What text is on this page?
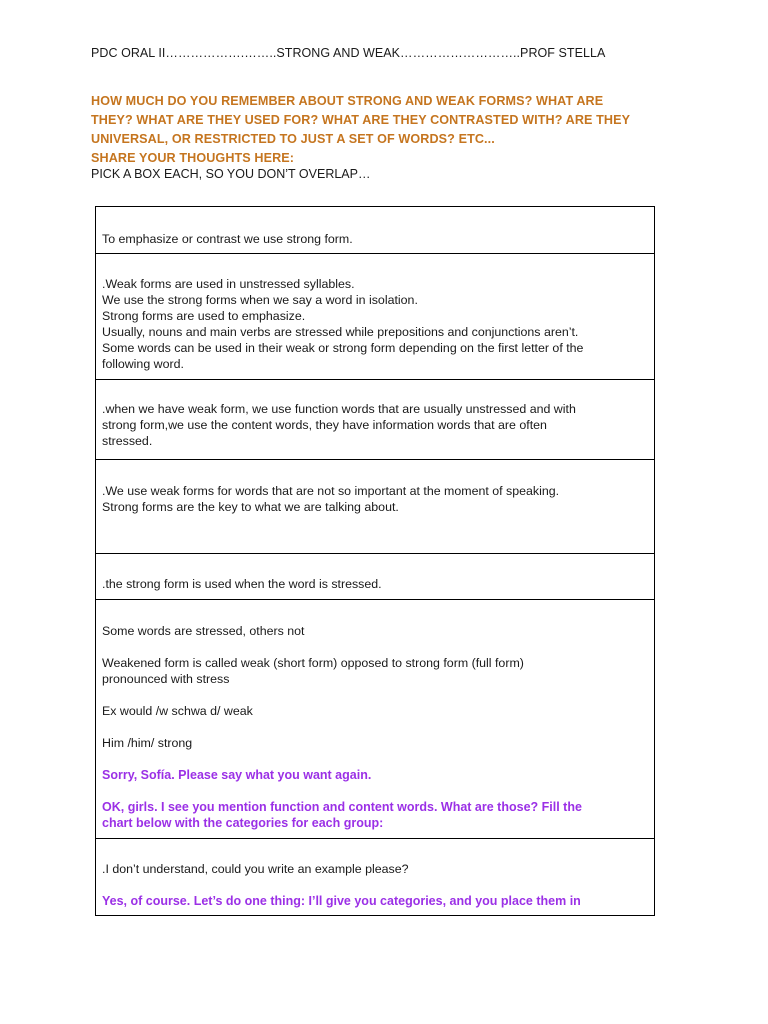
PDC ORAL II……………….……..STRONG AND WEAK………………………..PROF STELLA
HOW MUCH DO YOU REMEMBER ABOUT STRONG AND WEAK FORMS? WHAT ARE
THEY? WHAT ARE THEY USED FOR? WHAT ARE THEY CONTRASTED WITH? ARE THEY
UNIVERSAL, OR RESTRICTED TO JUST A SET OF WORDS? ETC...
SHARE YOUR THOUGHTS HERE:
PICK A BOX EACH, SO YOU DON’T OVERLAP…

To emphasize or contrast we use strong form.

.Weak forms are used in unstressed syllables.

We use the strong forms when we say a word in isolation.

Strong forms are used to emphasize.

Usually, nouns and main verbs are stressed while prepositions and conjunctions aren’t.

Some words can be used in their weak or strong form depending on the first letter of the

following word.

.when we have weak form, we use function words that are usually unstressed and with

strong form,we use the content words, they have information words that are often

stressed.

.We use weak forms for words that are not so important at the moment of speaking.

Strong forms are the key to what we are talking about.

.the strong form is used when the word is stressed.

Some words are stressed, others not

Weakened form is called weak (short form) opposed to strong form (full form)

pronounced with stress

Ex would /w schwa d/ weak

Him /him/ strong

Sorry, Sofía. Please say what you want again.

OK, girls. I see you mention function and content words. What are those? Fill the

chart below with the categories for each group:

.I don’t understand, could you write an example please?

Yes, of course. Let’s do one thing: I’ll give you categories, and you place them in
